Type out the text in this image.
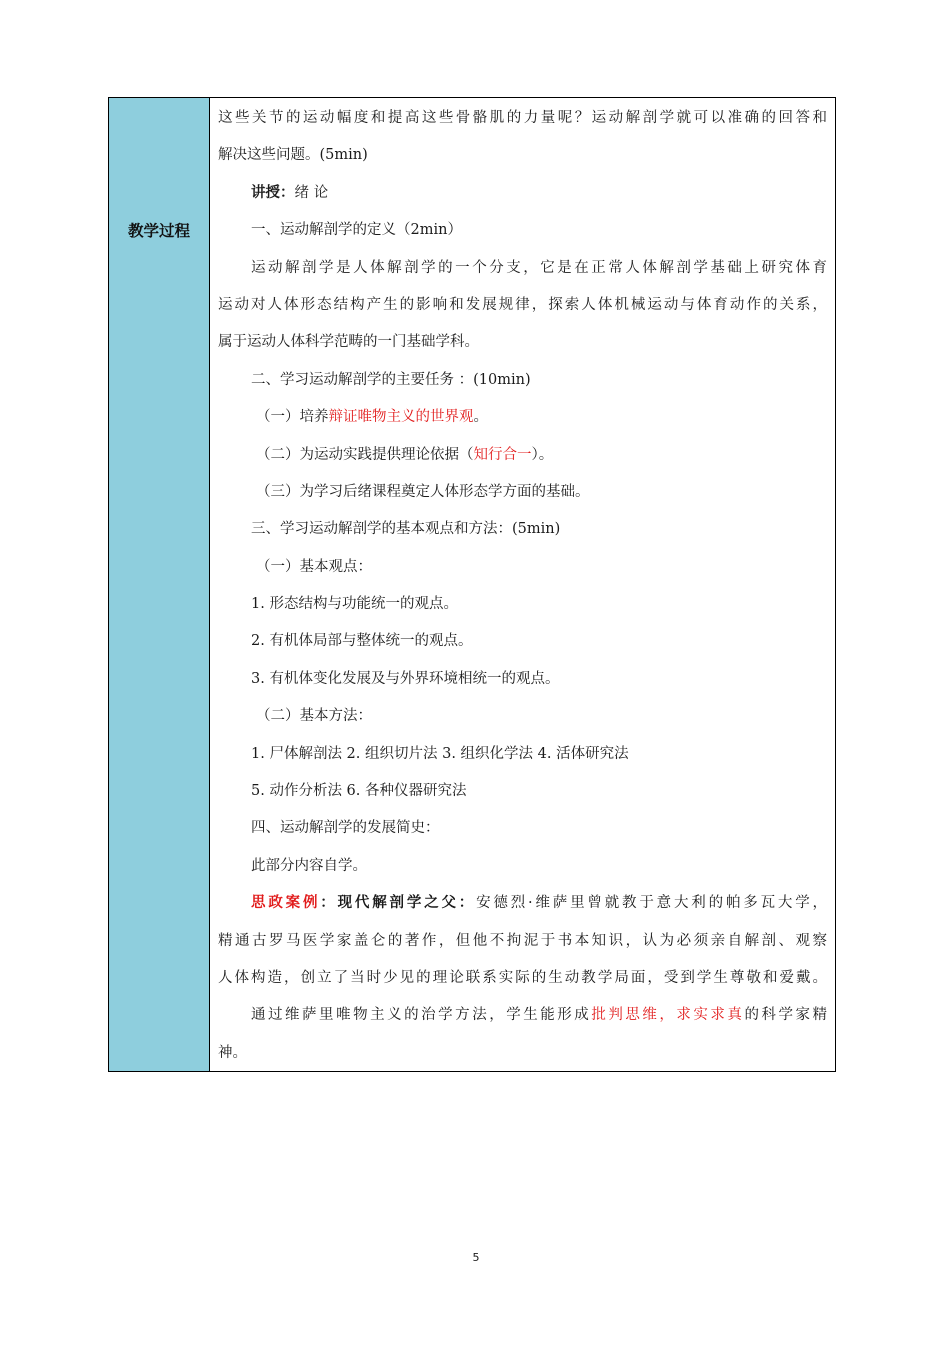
教学过程
这些关节的运动幅度和提高这些骨骼肌的力量呢？运动解剖学就可以准确的回答和
解决这些问题。(5min)
讲授：绪 论
一、运动解剖学的定义（2min）
运动解剖学是人体解剖学的一个分支，它是在正常人体解剖学基础上研究体育
运动对人体形态结构产生的影响和发展规律，探索人体机械运动与体育动作的关系，
属于运动人体科学范畴的一门基础学科。
二、学习运动解剖学的主要任务 ：(10min)
（一）培养辩证唯物主义的世界观。
（二）为运动实践提供理论依据（知行合一）。
（三）为学习后绪课程奠定人体形态学方面的基础。
三、学习运动解剖学的基本观点和方法：(5min)
（一）基本观点：
1. 形态结构与功能统一的观点。
2. 有机体局部与整体统一的观点。
3. 有机体变化发展及与外界环境相统一的观点。
（二）基本方法：
1. 尸体解剖法 2. 组织切片法 3. 组织化学法 4. 活体研究法
5. 动作分析法 6. 各种仪器研究法
四、运动解剖学的发展简史：
此部分内容自学。
思政案例：现代解剖学之父：安德烈·维萨里曾就教于意大利的帕多瓦大学，
精通古罗马医学家盖仑的著作，但他不拘泥于书本知识，认为必须亲自解剖、观察
人体构造，创立了当时少见的理论联系实际的生动教学局面，受到学生尊敬和爱戴。
通过维萨里唯物主义的治学方法，学生能形成批判思维，求实求真的科学家精
神。
5
